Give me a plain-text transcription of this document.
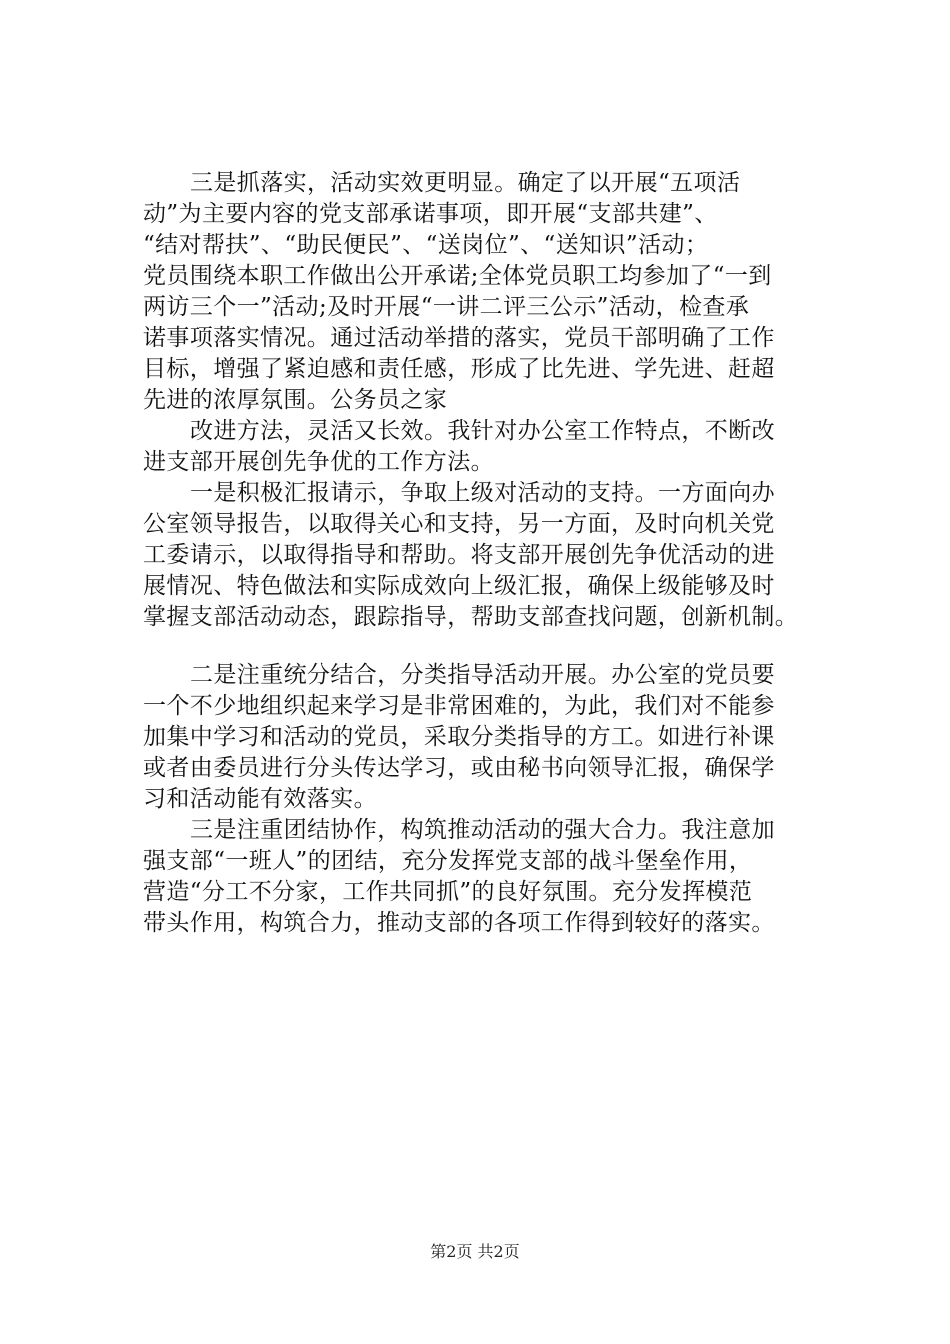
三是抓落实，活动实效更明显。确定了以开展“五项活
动”为主要内容的党支部承诺事项，即开展“支部共建”、
“结对帮扶”、“助民便民”、“送岗位”、“送知识”活动；
党员围绕本职工作做出公开承诺;全体党员职工均参加了“一到
两访三个一”活动;及时开展“一讲二评三公示”活动，检查承
诺事项落实情况。通过活动举措的落实，党员干部明确了工作
目标，增强了紧迫感和责任感，形成了比先进、学先进、赶超
先进的浓厚氛围。公务员之家
改进方法，灵活又长效。我针对办公室工作特点，不断改
进支部开展创先争优的工作方法。
一是积极汇报请示，争取上级对活动的支持。一方面向办
公室领导报告，以取得关心和支持，另一方面，及时向机关党
工委请示，以取得指导和帮助。将支部开展创先争优活动的进
展情况、特色做法和实际成效向上级汇报，确保上级能够及时
掌握支部活动动态，跟踪指导，帮助支部查找问题，创新机制。
二是注重统分结合，分类指导活动开展。办公室的党员要
一个不少地组织起来学习是非常困难的，为此，我们对不能参
加集中学习和活动的党员，采取分类指导的方工。如进行补课
或者由委员进行分头传达学习，或由秘书向领导汇报，确保学
习和活动能有效落实。
三是注重团结协作，构筑推动活动的强大合力。我注意加
强支部“一班人”的团结，充分发挥党支部的战斗堡垒作用，
营造“分工不分家，工作共同抓”的良好氛围。充分发挥模范
带头作用，构筑合力，推动支部的各项工作得到较好的落实。
第2页 共2页
